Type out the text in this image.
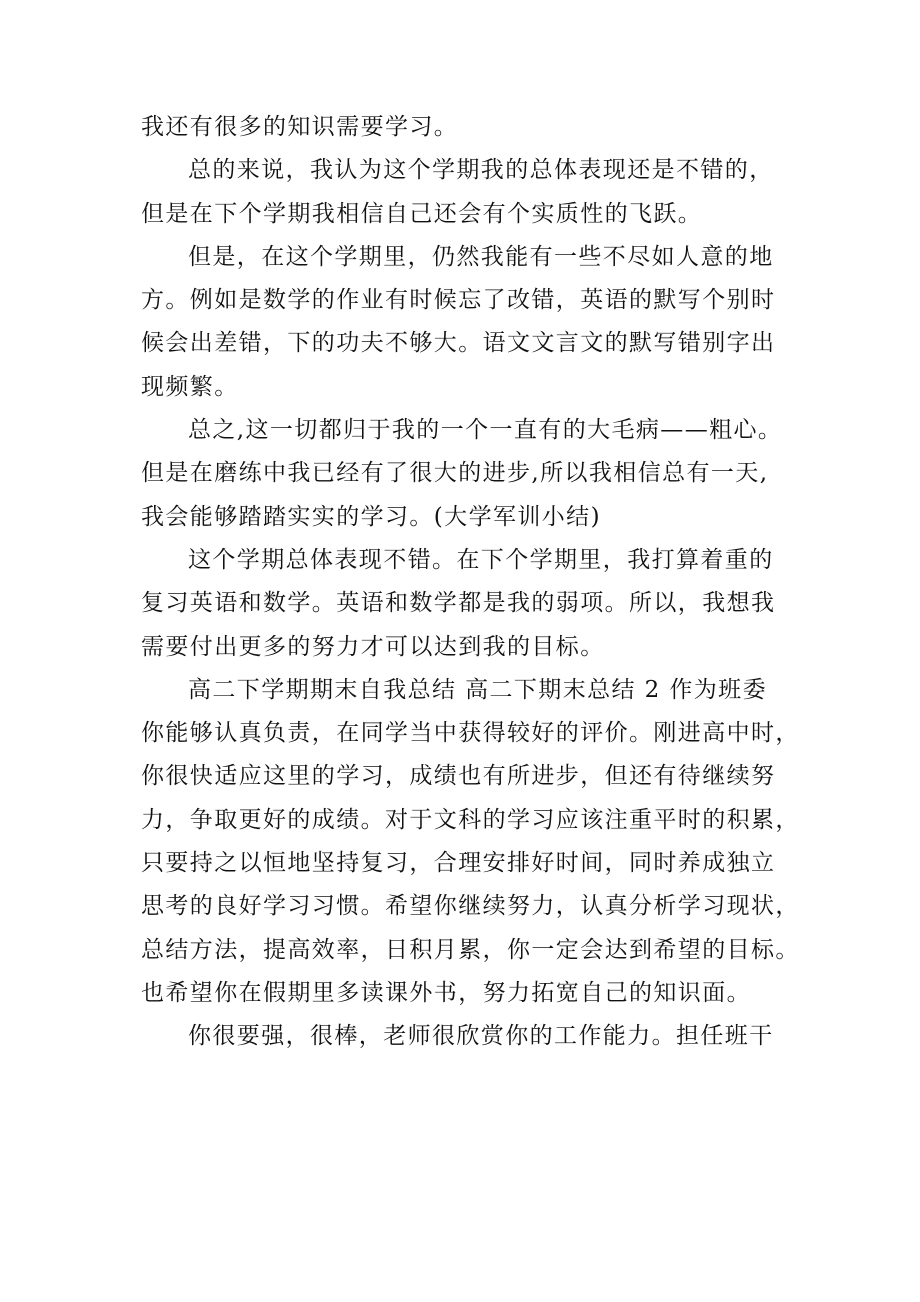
我还有很多的知识需要学习。
总的来说，我认为这个学期我的总体表现还是不错的，
但是在下个学期我相信自己还会有个实质性的飞跃。
但是，在这个学期里，仍然我能有一些不尽如人意的地
方。例如是数学的作业有时候忘了改错，英语的默写个别时
候会出差错，下的功夫不够大。语文文言文的默写错别字出
现频繁。
总之,这一切都归于我的一个一直有的大毛病——粗心。
但是在磨练中我已经有了很大的进步,所以我相信总有一天,
我会能够踏踏实实的学习。(大学军训小结)
这个学期总体表现不错。在下个学期里，我打算着重的
复习英语和数学。英语和数学都是我的弱项。所以，我想我
需要付出更多的努力才可以达到我的目标。
高二下学期期末自我总结 高二下期末总结 2 作为班委
你能够认真负责，在同学当中获得较好的评价。刚进高中时，
你很快适应这里的学习，成绩也有所进步，但还有待继续努
力，争取更好的成绩。对于文科的学习应该注重平时的积累，
只要持之以恒地坚持复习，合理安排好时间，同时养成独立
思考的良好学习习惯。希望你继续努力，认真分析学习现状，
总结方法，提高效率，日积月累，你一定会达到希望的目标。
也希望你在假期里多读课外书，努力拓宽自己的知识面。
你很要强，很棒，老师很欣赏你的工作能力。担任班干
